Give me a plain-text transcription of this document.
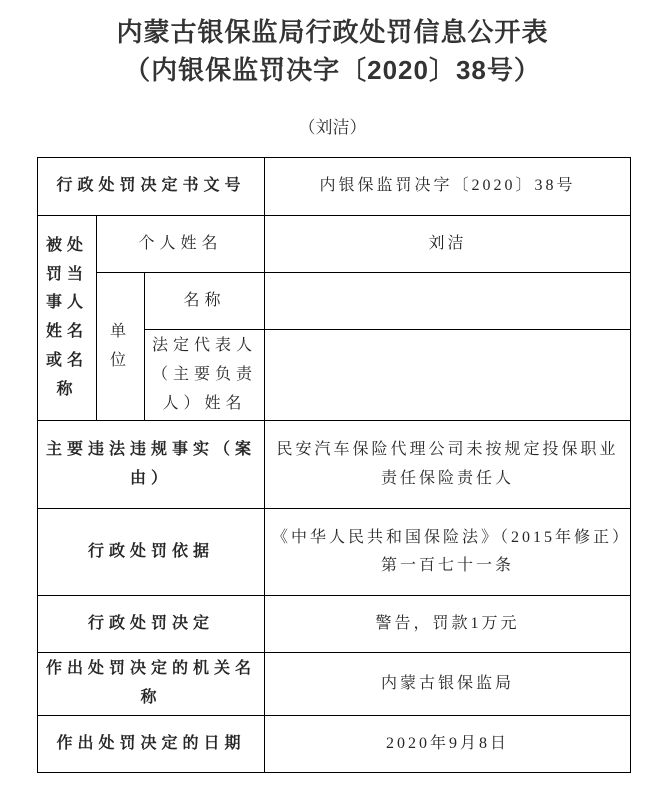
内蒙古银保监局行政处罚信息公开表
（内银保监罚决字〔2020〕38号）
（刘洁）
行政处罚决定书文号			内银保监罚决字〔2020〕38号
被处罚当事人姓名或名称	个人姓名		刘洁
	单位	名称	
		法定代表人（主要负责人）姓名	
主要违法违规事实（案由）			民安汽车保险代理公司未按规定投保职业责任保险责任人
行政处罚依据			《中华人民共和国保险法》（2015年修正）第一百七十一条
行政处罚决定			警告，罚款1万元
作出处罚决定的机关名称			内蒙古银保监局
作出处罚决定的日期			2020年9月8日
